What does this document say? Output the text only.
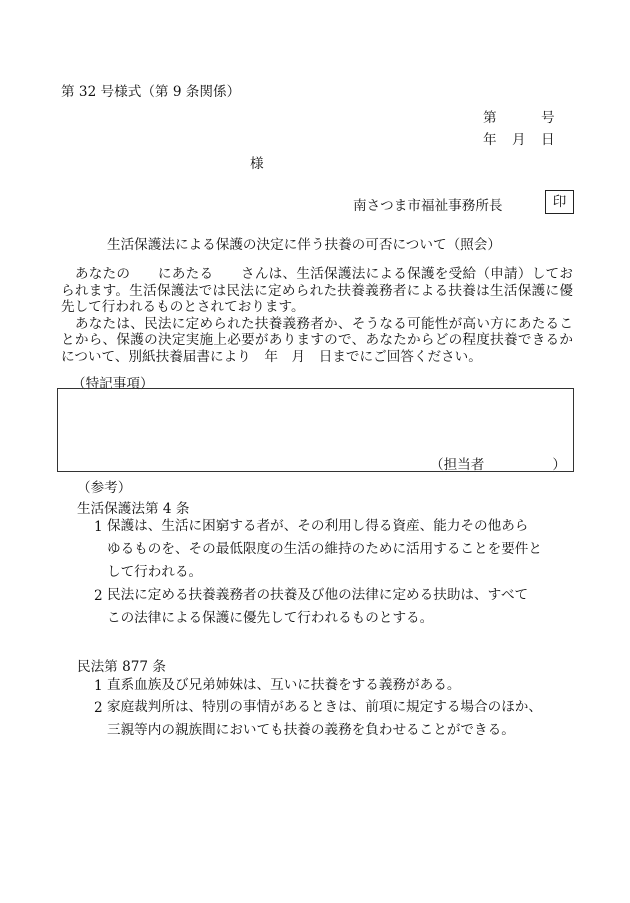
第 32 号様式（第 9 条関係）
第	号
年 月 日
様
南さつま市福祉事務所長	印
生活保護法による保護の決定に伴う扶養の可否について（照会）

　あなたの　　にあたる　　さんは、生活保護法による保護を受給（申請）しておられます。生活保護法では民法に定められた扶養義務者による扶養は生活保護に優先して行われるものとされております。

　あなたは、民法に定められた扶養義務者か、そうなる可能性が高い方にあたることから、保護の決定実施上必要がありますので、あなたからどの程度扶養できるかについて、別紙扶養届書により　年　月　日までにご回答ください。

（特記事項）
（担当者　　　　　）
（参考）
生活保護法第 4 条
1 保護は、生活に困窮する者が、その利用し得る資産、能力その他あら
ゆるものを、その最低限度の生活の維持のために活用することを要件と
して行われる。
2 民法に定める扶養義務者の扶養及び他の法律に定める扶助は、すべて
この法律による保護に優先して行われるものとする。
民法第 877 条
1 直系血族及び兄弟姉妹は、互いに扶養をする義務がある。
2 家庭裁判所は、特別の事情があるときは、前項に規定する場合のほか、
三親等内の親族間においても扶養の義務を負わせることができる。
